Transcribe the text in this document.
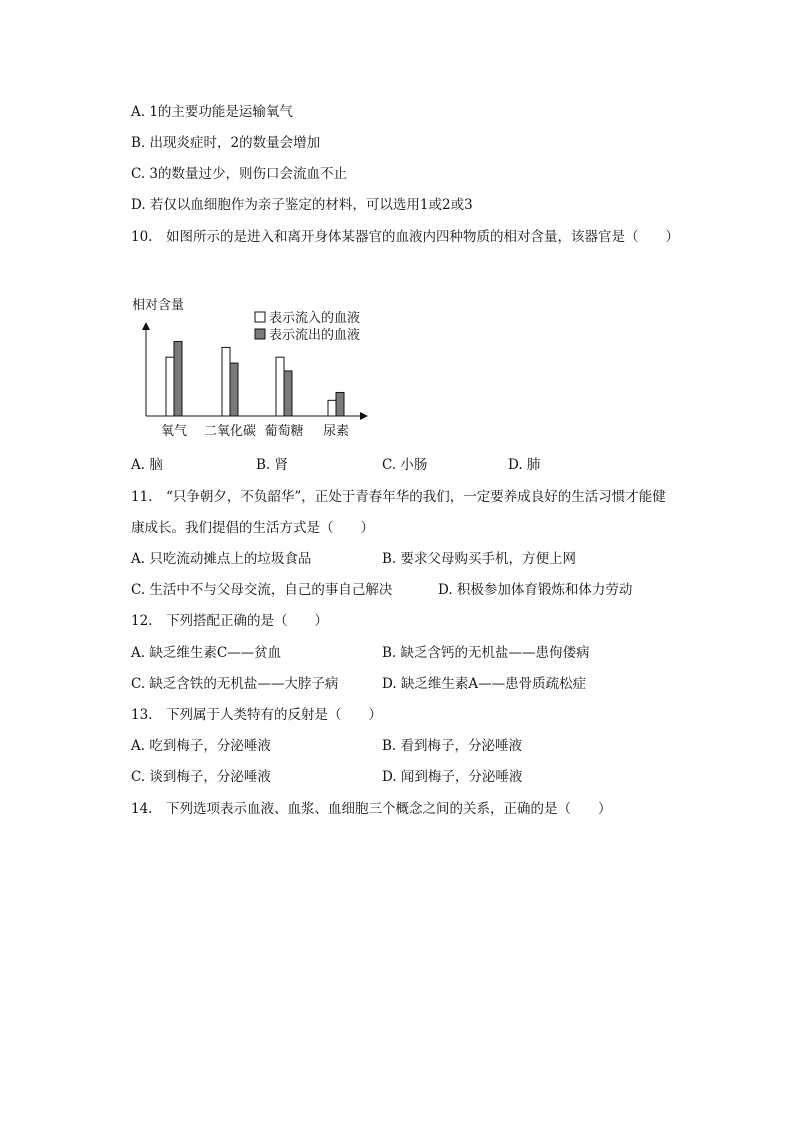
A. 1的主要功能是运输氧气
B. 出现炎症时，2的数量会增加
C. 3的数量过少，则伤口会流血不止
D. 若仅以血细胞作为亲子鉴定的材料，可以选用1或2或3
10.　如图所示的是进入和离开身体某器官的血液内四种物质的相对含量，该器官是（　　）
相对含量
氧气 二氧化碳 葡萄糖 尿素
表示流入的血液
表示流出的血液
A. 脑	B. 肾	C. 小肠	D. 肺
11.　“只争朝夕，不负韶华”，正处于青春年华的我们，一定要养成良好的生活习惯才能健
康成长。我们提倡的生活方式是（　　）
A. 只吃流动摊点上的垃圾食品	B. 要求父母购买手机，方便上网
C. 生活中不与父母交流，自己的事自己解决	D. 积极参加体育锻炼和体力劳动
12.　下列搭配正确的是（　　）
A. 缺乏维生素C——贫血	B. 缺乏含钙的无机盐——患佝偻病
C. 缺乏含铁的无机盐——大脖子病	D. 缺乏维生素A——患骨质疏松症
13.　下列属于人类特有的反射是（　　）
A. 吃到梅子，分泌唾液	B. 看到梅子，分泌唾液
C. 谈到梅子，分泌唾液	D. 闻到梅子，分泌唾液
14.　下列选项表示血液、血浆、血细胞三个概念之间的关系，正确的是（　　）
